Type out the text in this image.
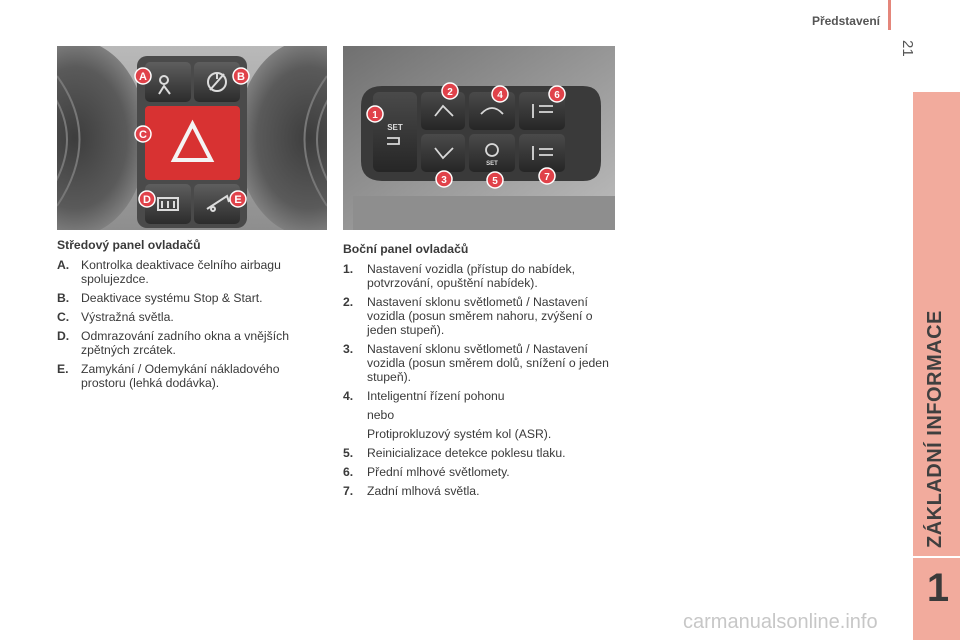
Představení
21
ZÁKLADNÍ INFORMACE
1
A	B
C
D	E
SET
SET
1
2
3
4
5
6
7
Středový panel ovladačů
A. Kontrolka deaktivace čelního airbagu spolujezdce.
B. Deaktivace systému Stop & Start.
C. Výstražná světla.
D. Odmrazování zadního okna a vnějších zpětných zrcátek.
E.	Zamykání / Odemykání nákladového prostoru (lehká dodávka).
Boční panel ovladačů
1.	Nastavení vozidla (přístup do nabídek, potvrzování, opuštění nabídek).
2.	Nastavení sklonu světlometů / Nastavení vozidla (posun směrem nahoru, zvýšení o jeden stupeň).
3.	Nastavení sklonu světlometů / Nastavení vozidla (posun směrem dolů, snížení o jeden stupeň).
4.	Inteligentní řízení pohonu
nebo
Protiprokluzový systém kol (ASR).
5.	Reinicializace detekce poklesu tlaku.
6.	Přední mlhové světlomety.
7.	Zadní mlhová světla.
carmanualsonline.info
